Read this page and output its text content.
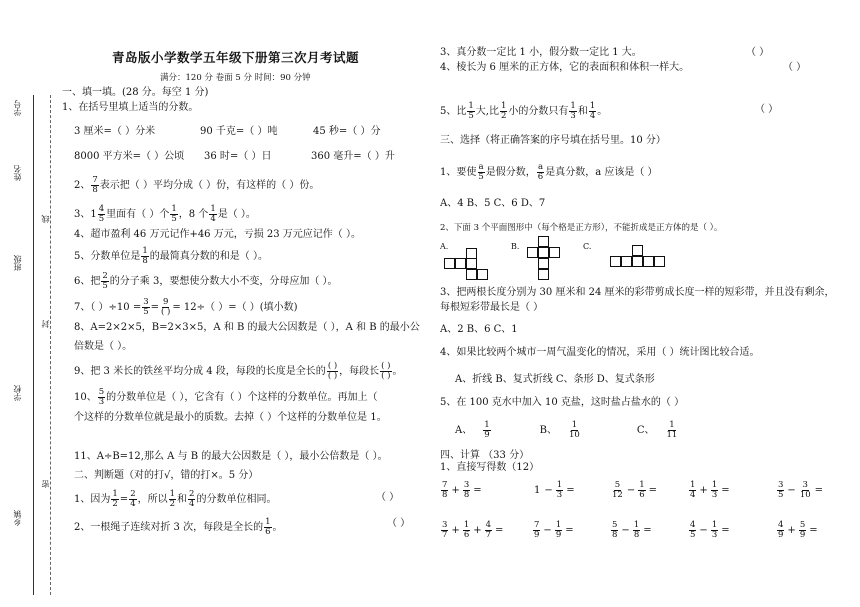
学号
姓名
线
班级
封
学校
密
乡镇
青岛版小学数学五年级下册第三次月考试题
满分：120 分 卷面 5 分 时间：90 分钟
一、填一填。(28 分。每空 1 分)
1、在括号里填上适当的分数。
3 厘米=（ ）分米	90 千克=（ ）吨	45 秒=（ ）分
8000 平方米=（ ）公顷 36 时=（ ）日	360 毫升=（ ）升
2、 $\frac{7}{8}$ 表示把（ ）平均分成（ ）份，有这样的（ ）份。
3、$1 \frac{4}{5}$ 里面有（ ）个 $\frac{1}{5}$ ，8 个 $\frac{1}{4}$ 是（ ）。
4、超市盈利 46 万元记作+46 万元，亏损 23 万元应记作（ ）。
5、分数单位是 $\frac{1}{8}$ 的最简真分数的和是（ ）。
6、把 $\frac{2}{5}$ 的分子乘 3，要想使分数大小不变，分母应加（ ）。
7、（ ）$\div 10 = \frac{3}{5} = \frac{9}{( )} = 12\div$（ ）=（ ）(填小数)
8、A=2×2×5，B=2×3×5，A 和 B 的最大公因数是（ ），A 和 B 的最小公
倍数是（ ）。
9、把 3 米长的铁丝平均分成 4 段，每段的长度是全长的 $\frac{( )}{( )}$ ，每段长 $\frac{( )}{( )}$ 。
10、 $\frac{5}{3}$ 的分数单位是（ ），它含有（ ）个这样的分数单位。再加上（
个这样的分数单位就是最小的质数。去掉（ ）个这样的分数单位是 1。
11、A÷B=12,那么 A 与 B 的最大公因数是（ ），最小公倍数是（ ）。
二、判断题（对的打√，错的打×。5 分）
1、因为 $\frac{1}{2} = \frac{2}{4}$ ，所以 $\frac{1}{2}$ 和 $\frac{2}{4}$ 的分数单位相同。	（ ）
2、一根绳子连续对折 3 次，每段是全长的 $\frac{1}{6}$ 。	（ ）
3、真分数一定比 1 小，假分数一定比 1 大。	（ ）
4、棱长为 6 厘米的正方体，它的表面积和体积一样大。	（ ）
5、比 $\frac{1}{5}$ 大,比 $\frac{1}{2}$ 小的分数只有 $\frac{1}{3}$ 和 $\frac{1}{4}$ 。	（ ）
三、选择（将正确答案的序号填在括号里。10 分）
1、要使 $\frac{a}{5}$ 是假分数， $\frac{a}{6}$ 是真分数，a 应该是（ ）
A、4 B、5 C、6 D、7
2、下面 3 个平面图形中（每个格是正方形），不能折成是正方体的是（ ）。
A.	B.	C.
3、把两根长度分别为 30 厘米和 24 厘米的彩带剪成长度一样的短彩带，并且没有剩余，
每根短彩带最长是（ ）
A、2 B、6 C、1
4、如果比较两个城市一周气温变化的情况，采用（ ）统计图比较合适。
A、折线 B、复式折线 C、条形 D、复式条形
5、在 100 克水中加入 10 克盐，这时盐占盐水的（ ）
A、 $\frac{1}{9}$	B、 $\frac{1}{10}$	C、 $\frac{1}{11}$
四、计算 （33 分）
1、直接写得数（12）
$\frac{7}{8} + \frac{3}{8}$ =	$1 - \frac{1}{3}$ =	$\frac{5}{12} - \frac{1}{6}$ =	$\frac{1}{4} + \frac{1}{3}$ =	$\frac{3}{5} - \frac{3}{10}$ =
$\frac{3}{7} + \frac{1}{6} + \frac{4}{7}$ =	$\frac{7}{9} - \frac{1}{9}$ =	$\frac{5}{8} - \frac{1}{8}$ =	$\frac{4}{5} - \frac{1}{3}$ =	$\frac{4}{9} + \frac{5}{9}$ =
